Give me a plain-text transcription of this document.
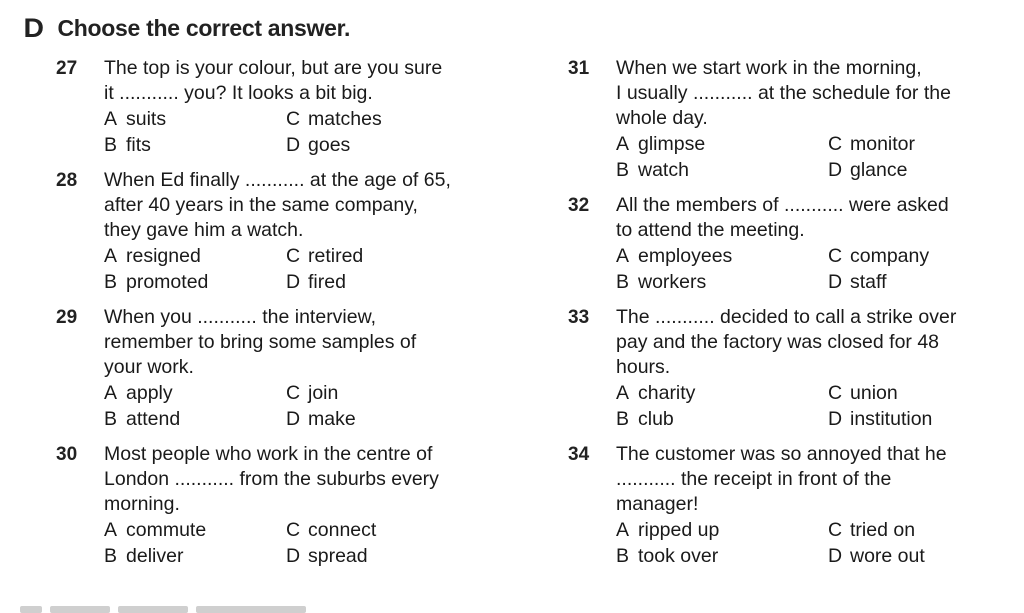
D Choose the correct answer.
27 The top is your colour, but are you sure
it ........... you? It looks a bit big.
A suits	C matches
B fits	D goes
28 When Ed finally ........... at the age of 65,
after 40 years in the same company,
they gave him a watch.
A resigned	C retired
B promoted	D fired
29 When you ........... the interview,
remember to bring some samples of
your work.
A apply	C join
B attend	D make
30 Most people who work in the centre of
London ........... from the suburbs every
morning.
A commute	C connect
B deliver	D spread
31 When we start work in the morning,
I usually ........... at the schedule for the
whole day.
A glimpse	C monitor
B watch	D glance
32 All the members of ........... were asked
to attend the meeting.
A employees	C company
B workers	D staff
33 The ........... decided to call a strike over
pay and the factory was closed for 48
hours.
A charity	C union
B club	D institution
34 The customer was so annoyed that he
........... the receipt in front of the
manager!
A ripped up	C tried on
B took over	D wore out
